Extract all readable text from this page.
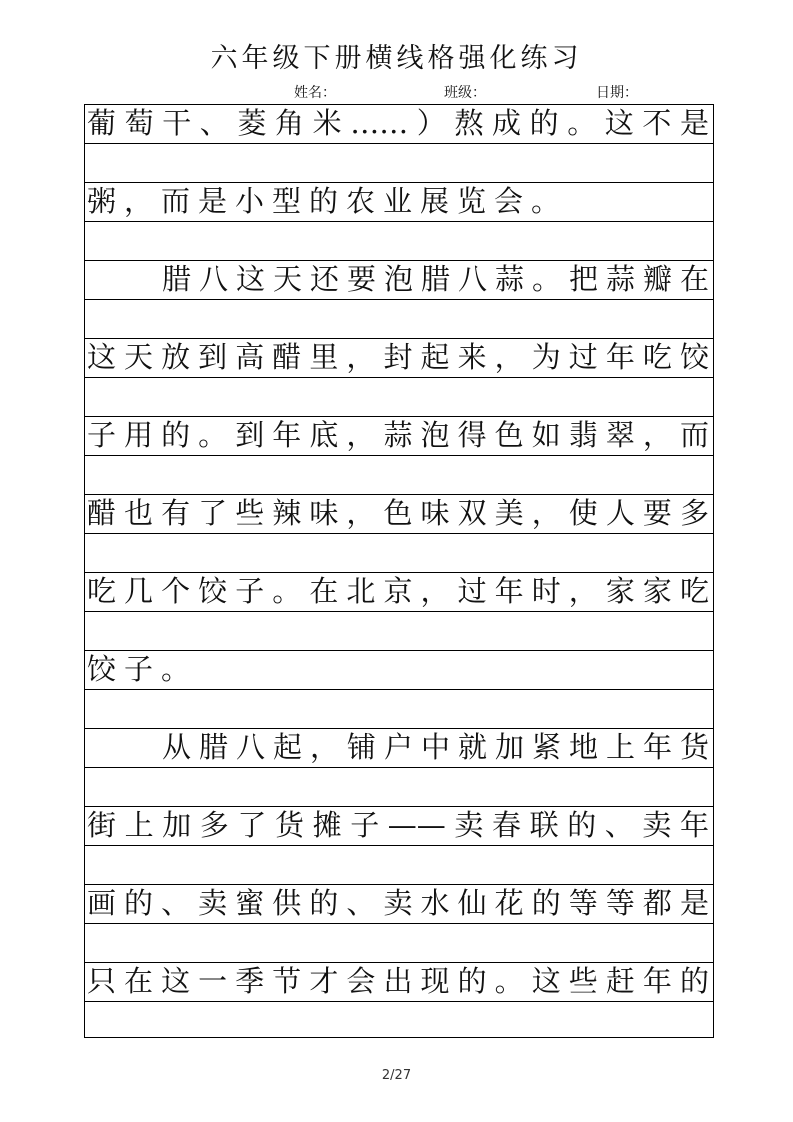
六年级下册横线格强化练习
姓名：	班级：	日期：
葡萄干、菱角米……）熬成的。这不是
粥，而是小型的农业展览会。
腊八这天还要泡腊八蒜。把蒜瓣在
这天放到高醋里，封起来，为过年吃饺
子用的。到年底，蒜泡得色如翡翠，而
醋也有了些辣味，色味双美，使人要多
吃几个饺子。在北京，过年时，家家吃
饺子。
从腊八起，铺户中就加紧地上年货
街上加多了货摊子——卖春联的、卖年
画的、卖蜜供的、卖水仙花的等等都是
只在这一季节才会出现的。这些赶年的
2/27
